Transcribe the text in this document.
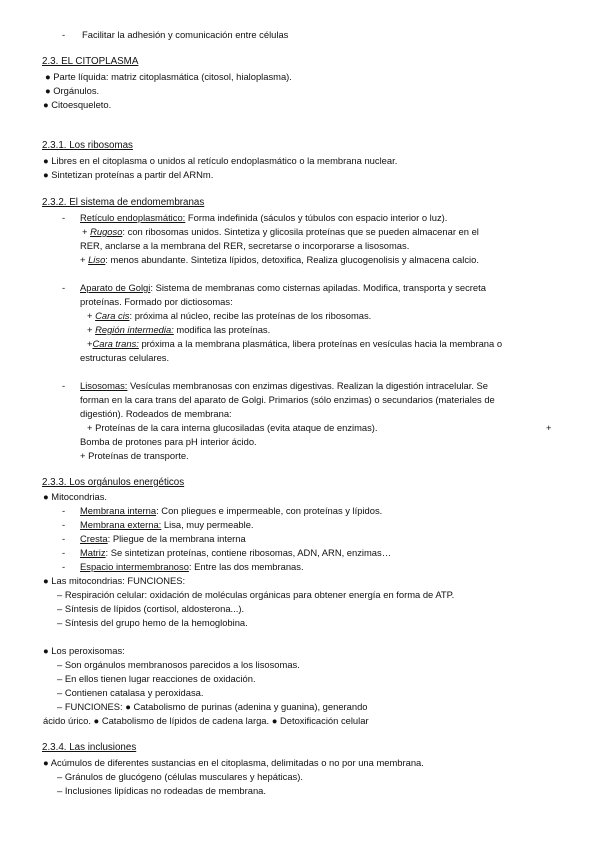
- Facilitar la adhesión y comunicación entre células
2.3. EL CITOPLASMA
● Parte líquida: matriz citoplasmática (citosol, hialoplasma).
● Orgánulos.
● Citoesqueleto.
2.3.1. Los ribosomas
● Libres en el citoplasma o unidos al retículo endoplasmático o la membrana nuclear.
● Sintetizan proteínas a partir del ARNm.
2.3.2. El sistema de endomembranas
- Retículo endoplasmático: Forma indefinida (sáculos y túbulos con espacio interior o luz).
+ Rugoso: con ribosomas unidos. Sintetiza y glicosila proteínas que se pueden almacenar en el
RER, anclarse a la membrana del RER, secretarse o incorporarse a lisosomas.
+ Liso: menos abundante. Sintetiza lípidos, detoxifica, Realiza glucogenolisis y almacena calcio.
- Aparato de Golgi: Sistema de membranas como cisternas apiladas. Modifica, transporta y secreta
proteínas. Formado por dictiosomas:
+ Cara cis: próxima al núcleo, recibe las proteínas de los ribosomas.
+ Región intermedia: modifica las proteínas.
+Cara trans: próxima a la membrana plasmática, libera proteínas en vesículas hacia la membrana o
estructuras celulares.
- Lisosomas: Vesículas membranosas con enzimas digestivas. Realizan la digestión intracelular. Se
forman en la cara trans del aparato de Golgi. Primarios (sólo enzimas) o secundarios (materiales de
digestión). Rodeados de membrana:
+ Proteínas de la cara interna glucosiladas (evita ataque de enzimas).	+
Bomba de protones para pH interior ácido.
+ Proteínas de transporte.
2.3.3. Los orgánulos energéticos
● Mitocondrias.
- Membrana interna: Con pliegues e impermeable, con proteínas y lípidos.
- Membrana externa: Lisa, muy permeable.
- Cresta: Pliegue de la membrana interna
- Matriz: Se sintetizan proteínas, contiene ribosomas, ADN, ARN, enzimas…
- Espacio intermembranoso: Entre las dos membranas.
● Las mitocondrias: FUNCIONES:
– Respiración celular: oxidación de moléculas orgánicas para obtener energía en forma de ATP.
– Síntesis de lípidos (cortisol, aldosterona...).
– Síntesis del grupo hemo de la hemoglobina.
● Los peroxisomas:
– Son orgánulos membranosos parecidos a los lisosomas.
– En ellos tienen lugar reacciones de oxidación.
– Contienen catalasa y peroxidasa.
– FUNCIONES: ● Catabolismo de purinas (adenina y guanina), generando
ácido úrico. ● Catabolismo de lípidos de cadena larga. ● Detoxificación celular
2.3.4. Las inclusiones
● Acúmulos de diferentes sustancias en el citoplasma, delimitadas o no por una membrana.
– Gránulos de glucógeno (células musculares y hepáticas).
– Inclusiones lipídicas no rodeadas de membrana.
